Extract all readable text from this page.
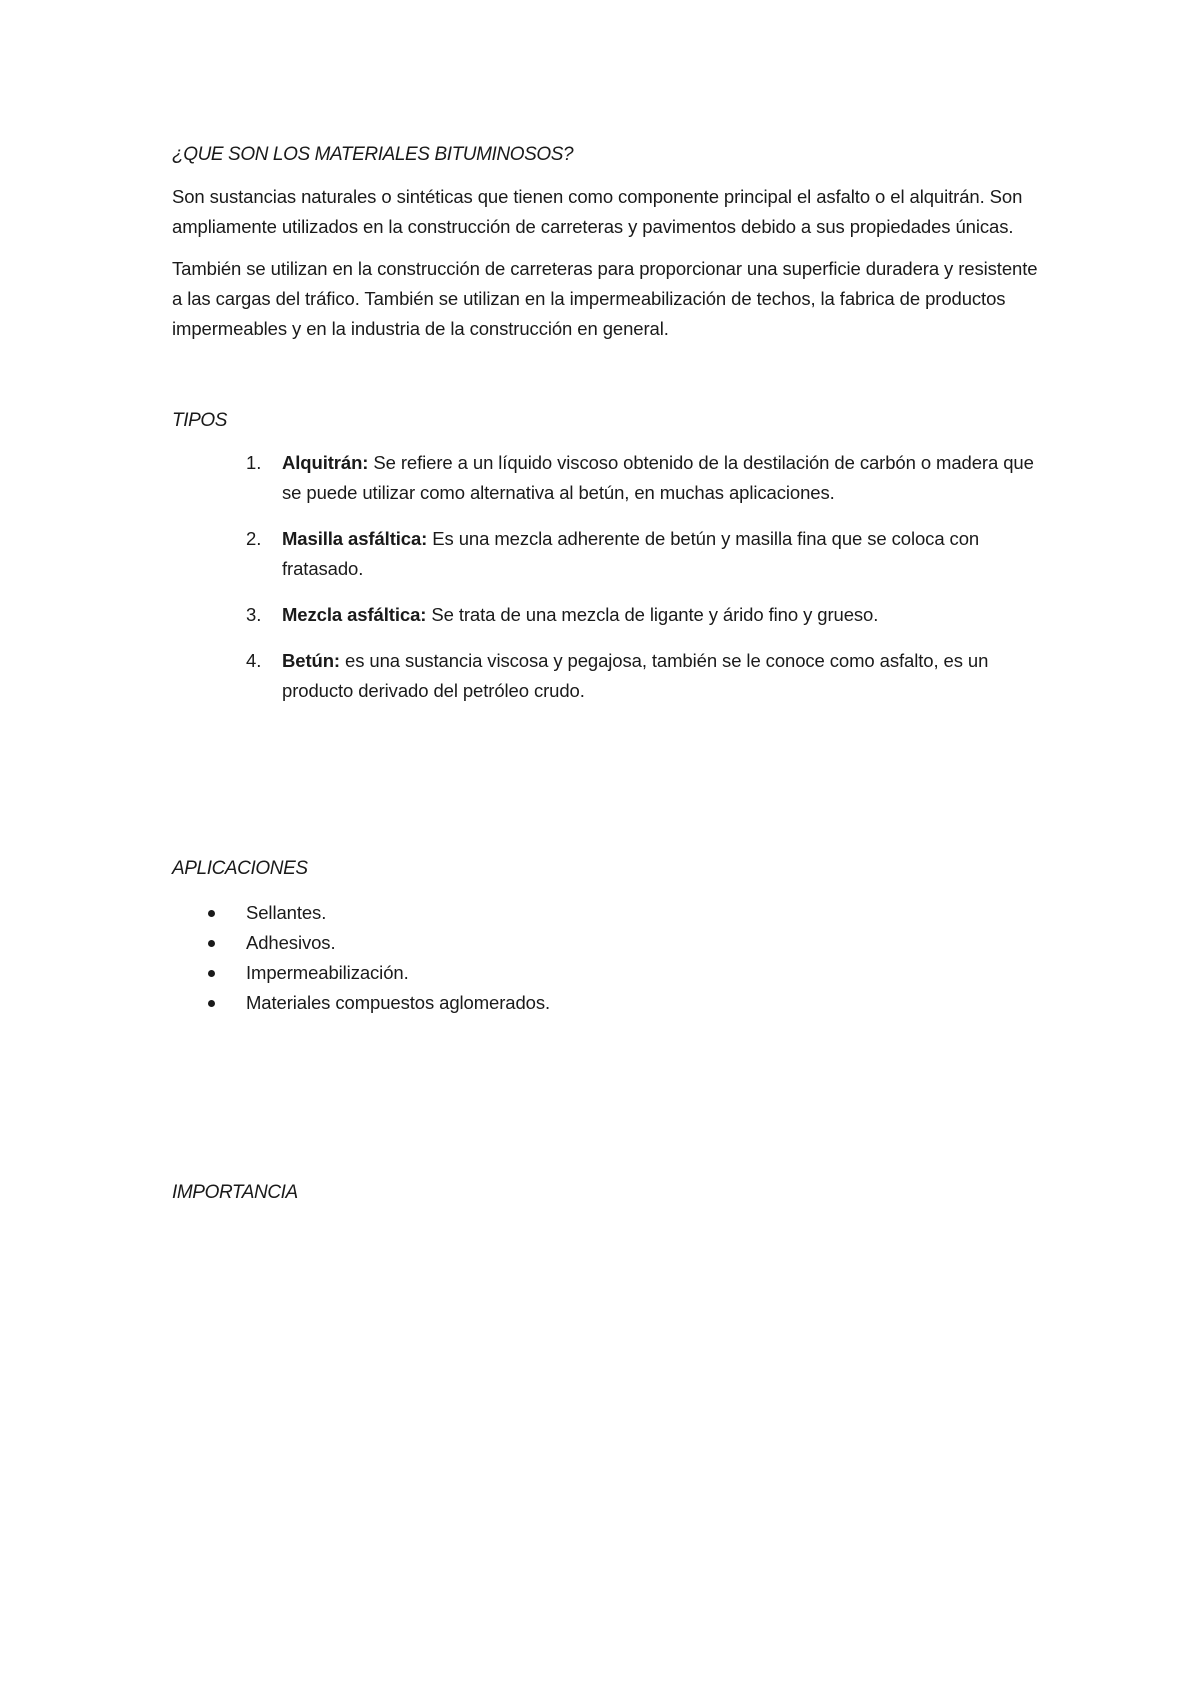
¿QUE SON LOS MATERIALES BITUMINOSOS?

Son sustancias naturales o sintéticas que tienen como componente principal el asfalto o el alquitrán. Son ampliamente utilizados en la construcción de carreteras y pavimentos debido a sus propiedades únicas.

También se utilizan en la construcción de carreteras para proporcionar una superficie duradera y resistente a las cargas del tráfico. También se utilizan en la impermeabilización de techos, la fabrica de productos impermeables y en la industria de la construcción en general.

TIPOS

1. Alquitrán: Se refiere a un líquido viscoso obtenido de la destilación de carbón o madera que se puede utilizar como alternativa al betún, en muchas aplicaciones.
2. Masilla asfáltica: Es una mezcla adherente de betún y masilla fina que se coloca con fratasado.
3. Mezcla asfáltica: Se trata de una mezcla de ligante y árido fino y grueso.
4. Betún: es una sustancia viscosa y pegajosa, también se le conoce como asfalto, es un producto derivado del petróleo crudo.

APLICACIONES

Sellantes.
Adhesivos.
Impermeabilización.
Materiales compuestos aglomerados.

IMPORTANCIA
